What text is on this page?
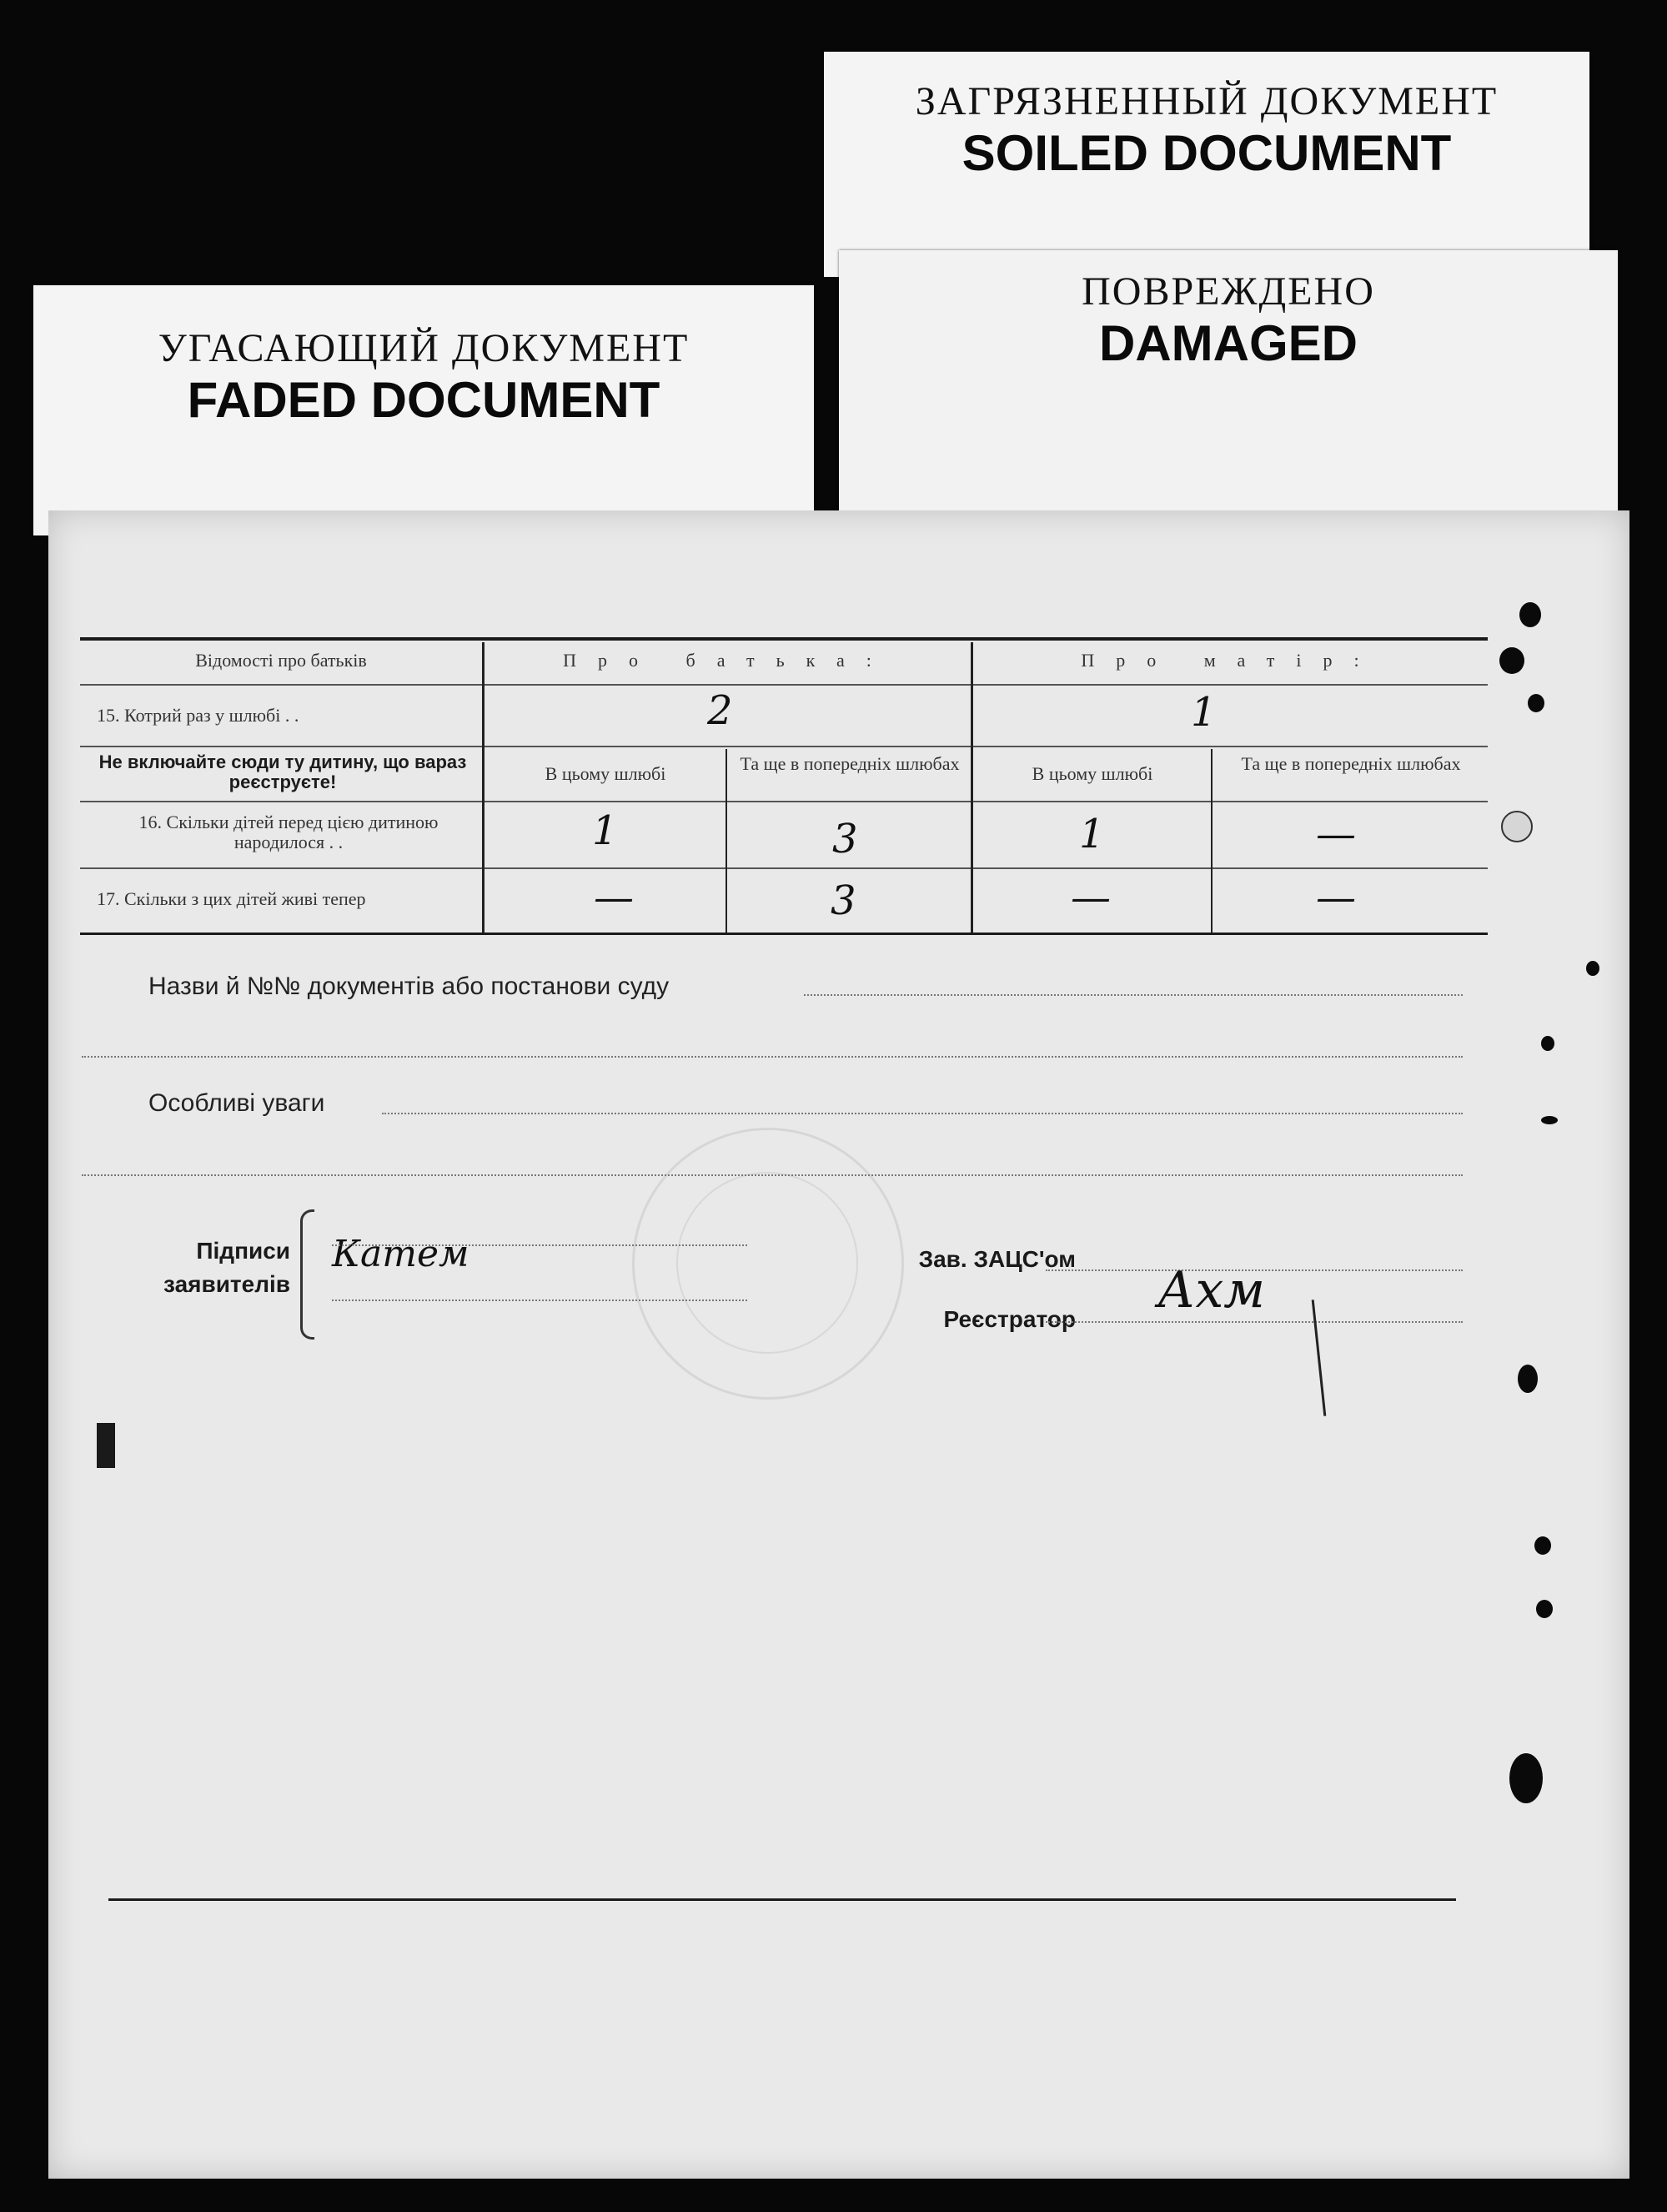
ЗАГРЯЗНЕННЫЙ ДОКУМЕНТ
SOILED DOCUMENT
ПОВРЕЖДЕНО
DAMAGED
УГАСАЮЩИЙ ДОКУМЕНТ
FADED DOCUMENT
Відомості про батьків	Про батька:	Про матір:
15. Котрий раз у шлюбі . .	2	1
Не включайте сюди ту дитину, що вараз реєструєте!	В цьому шлюбі	Та ще в попередніх шлюбах	В цьому шлюбі	Та ще в попередніх шлюбах
16. Скільки дітей перед цією дитиною народилося . .	1	3	1	—
17. Скільки з цих дітей живі тепер	—	3	—	—
Назви й №№ документів або постанови суду
Особливі уваги
Підписи заявителів
Катем	Зав. ЗАЦС'ом
Реєстратор Ахм
